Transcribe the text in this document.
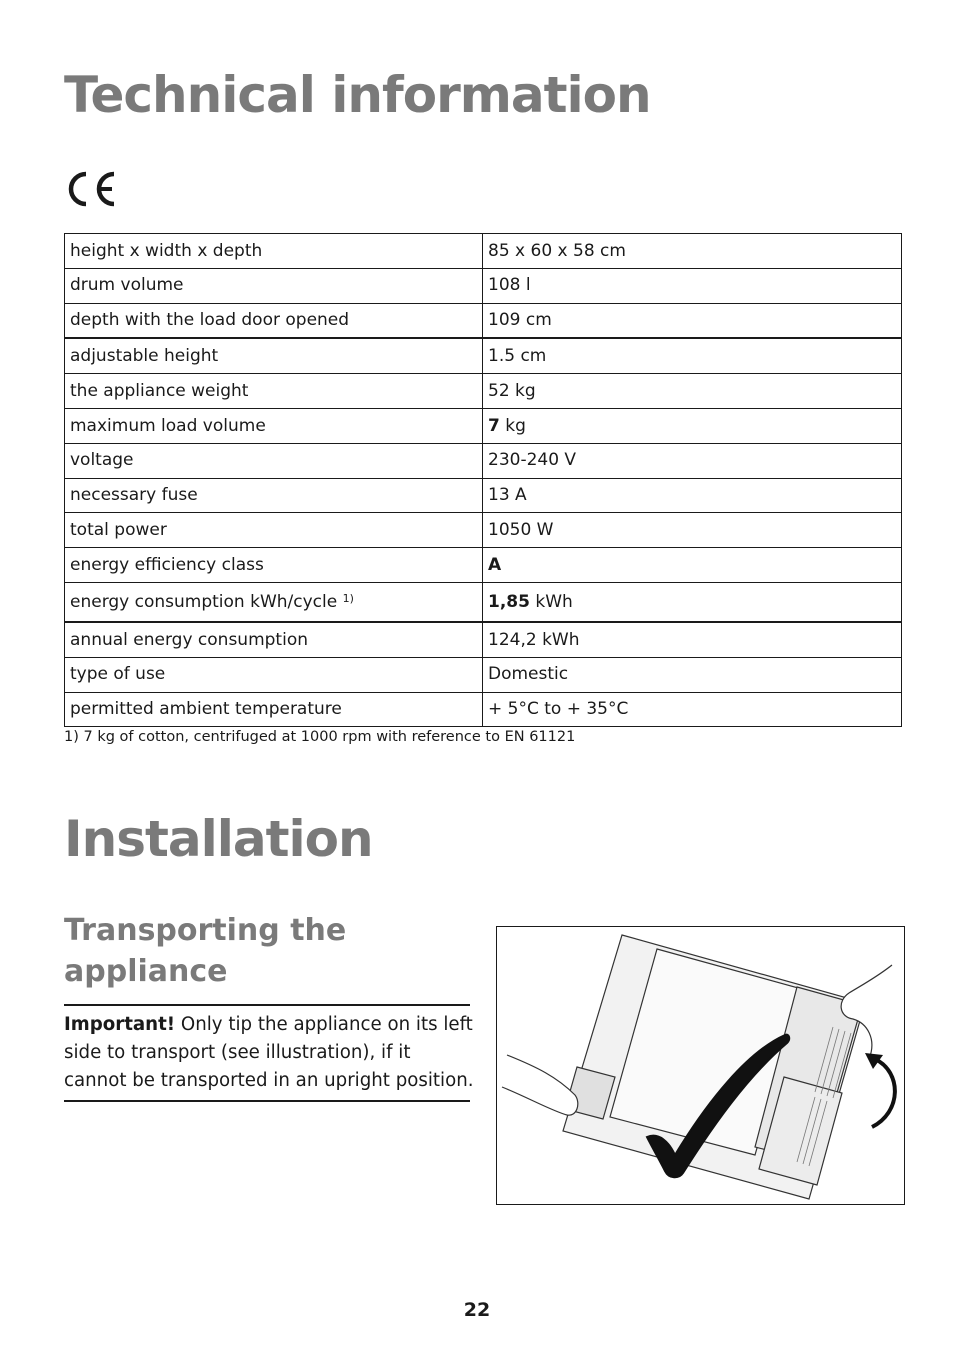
Technical information
height x width x depth	85 x 60 x 58 cm
drum volume	108 l
depth with the load door opened	109 cm
adjustable height	1.5 cm
the appliance weight	52 kg
maximum load volume	7 kg
voltage	230-240 V
necessary fuse	13 A
total power	1050 W
energy efficiency class	A
energy consumption kWh/cycle $^{1)}$	1,85 kWh
annual energy consumption	124,2 kWh
type of use	Domestic
permitted ambient temperature	+ 5°C to + 35°C
1) 7 kg of cotton, centrifuged at 1000 rpm with reference to EN 61121
Installation
Transporting the
appliance

Important! Only tip the appliance on its left side to transport (see illustration), if it cannot be transported in an upright position.

22
